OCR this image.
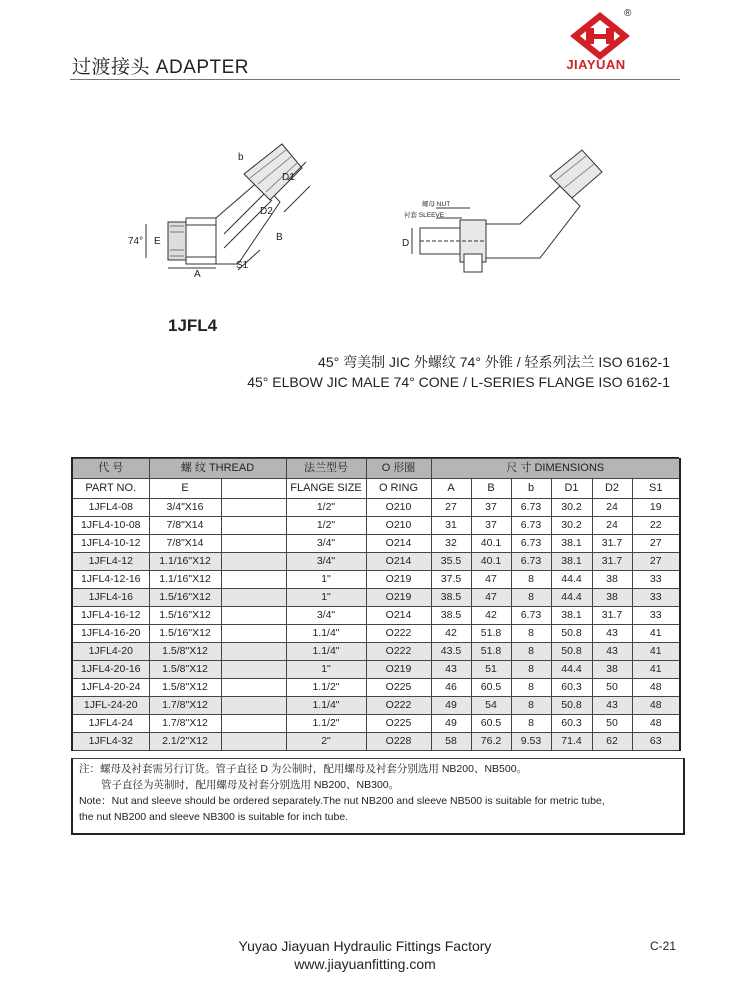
过渡接头 ADAPTER
®
JIAYUAN
74° E
A
S1
B
D1
D2
b
螺母 NUT
衬套 SLEEVE
D
1JFL4
45° 弯美制 JIC 外螺纹 74° 外锥 / 轻系列法兰 ISO 6162-1
45° ELBOW JIC MALE 74° CONE / L-SERIES FLANGE ISO 6162-1
代 号	螺 纹 THREAD		法兰型号	O 形圈	尺 寸 DIMENSIONS					
PART NO.	E		FLANGE SIZE	O RING	A	B	b	D1	D2	S1
1JFL4-08	3/4"X16		1/2"	O210	27	37	6.73	30.2	24	19
1JFL4-10-08	7/8"X14		1/2"	O210	31	37	6.73	30.2	24	22
1JFL4-10-12	7/8"X14		3/4"	O214	32	40.1	6.73	38.1	31.7	27
1JFL4-12	1.1/16"X12		3/4"	O214	35.5	40.1	6.73	38.1	31.7	27
1JFL4-12-16	1.1/16"X12		1"	O219	37.5	47	8	44.4	38	33
1JFL4-16	1.5/16"X12		1"	O219	38.5	47	8	44.4	38	33
1JFL4-16-12	1.5/16"X12		3/4"	O214	38.5	42	6.73	38.1	31.7	33
1JFL4-16-20	1.5/16"X12		1.1/4"	O222	42	51.8	8	50.8	43	41
1JFL4-20	1.5/8"X12		1.1/4"	O222	43.5	51.8	8	50.8	43	41
1JFL4-20-16	1.5/8"X12		1"	O219	43	51	8	44.4	38	41
1JFL4-20-24	1.5/8"X12		1.1/2"	O225	46	60.5	8	60.3	50	48
1JFL-24-20	1.7/8"X12		1.1/4"	O222	49	54	8	50.8	43	48
1JFL4-24	1.7/8"X12		1.1/2"	O225	49	60.5	8	60.3	50	48
1JFL4-32	2.1/2"X12		2"	O228	58	76.2	9.53	71.4	62	63
注：螺母及衬套需另行订货。管子直径 D 为公制时，配用螺母及衬套分别选用 NB200、NB500。
管子直径为英制时，配用螺母及衬套分别选用 NB200、NB300。
Note：Nut and sleeve should be ordered separately.The nut NB200 and sleeve NB500 is suitable for metric tube,
the nut NB200 and sleeve NB300 is suitable for inch tube.
Yuyao Jiayuan Hydraulic Fittings Factory
www.jiayuanfitting.com
C-21
